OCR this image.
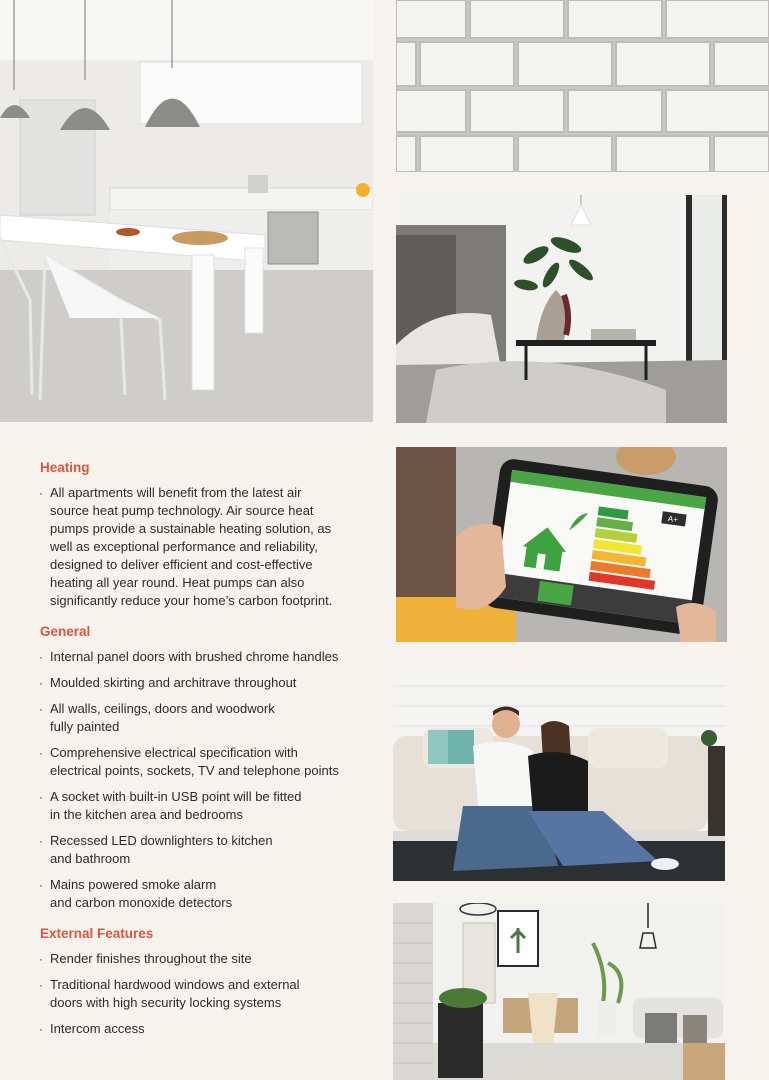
A+
Heating
· All apartments will benefit from the latest air
source heat pump technology. Air source heat
pumps provide a sustainable heating solution, as
well as exceptional performance and reliability,
designed to deliver efficient and cost-effective
heating all year round. Heat pumps can also
significantly reduce your home’s carbon footprint.
General
· Internal panel doors with brushed chrome handles
· Moulded skirting and architrave throughout
· All walls, ceilings, doors and woodwork
fully painted
· Comprehensive electrical specification with
electrical points, sockets, TV and telephone points
· A socket with built-in USB point will be fitted
in the kitchen area and bedrooms
· Recessed LED downlighters to kitchen
and bathroom
· Mains powered smoke alarm
and carbon monoxide detectors
External Features
· Render finishes throughout the site
· Traditional hardwood windows and external
doors with high security locking systems
· Intercom access
